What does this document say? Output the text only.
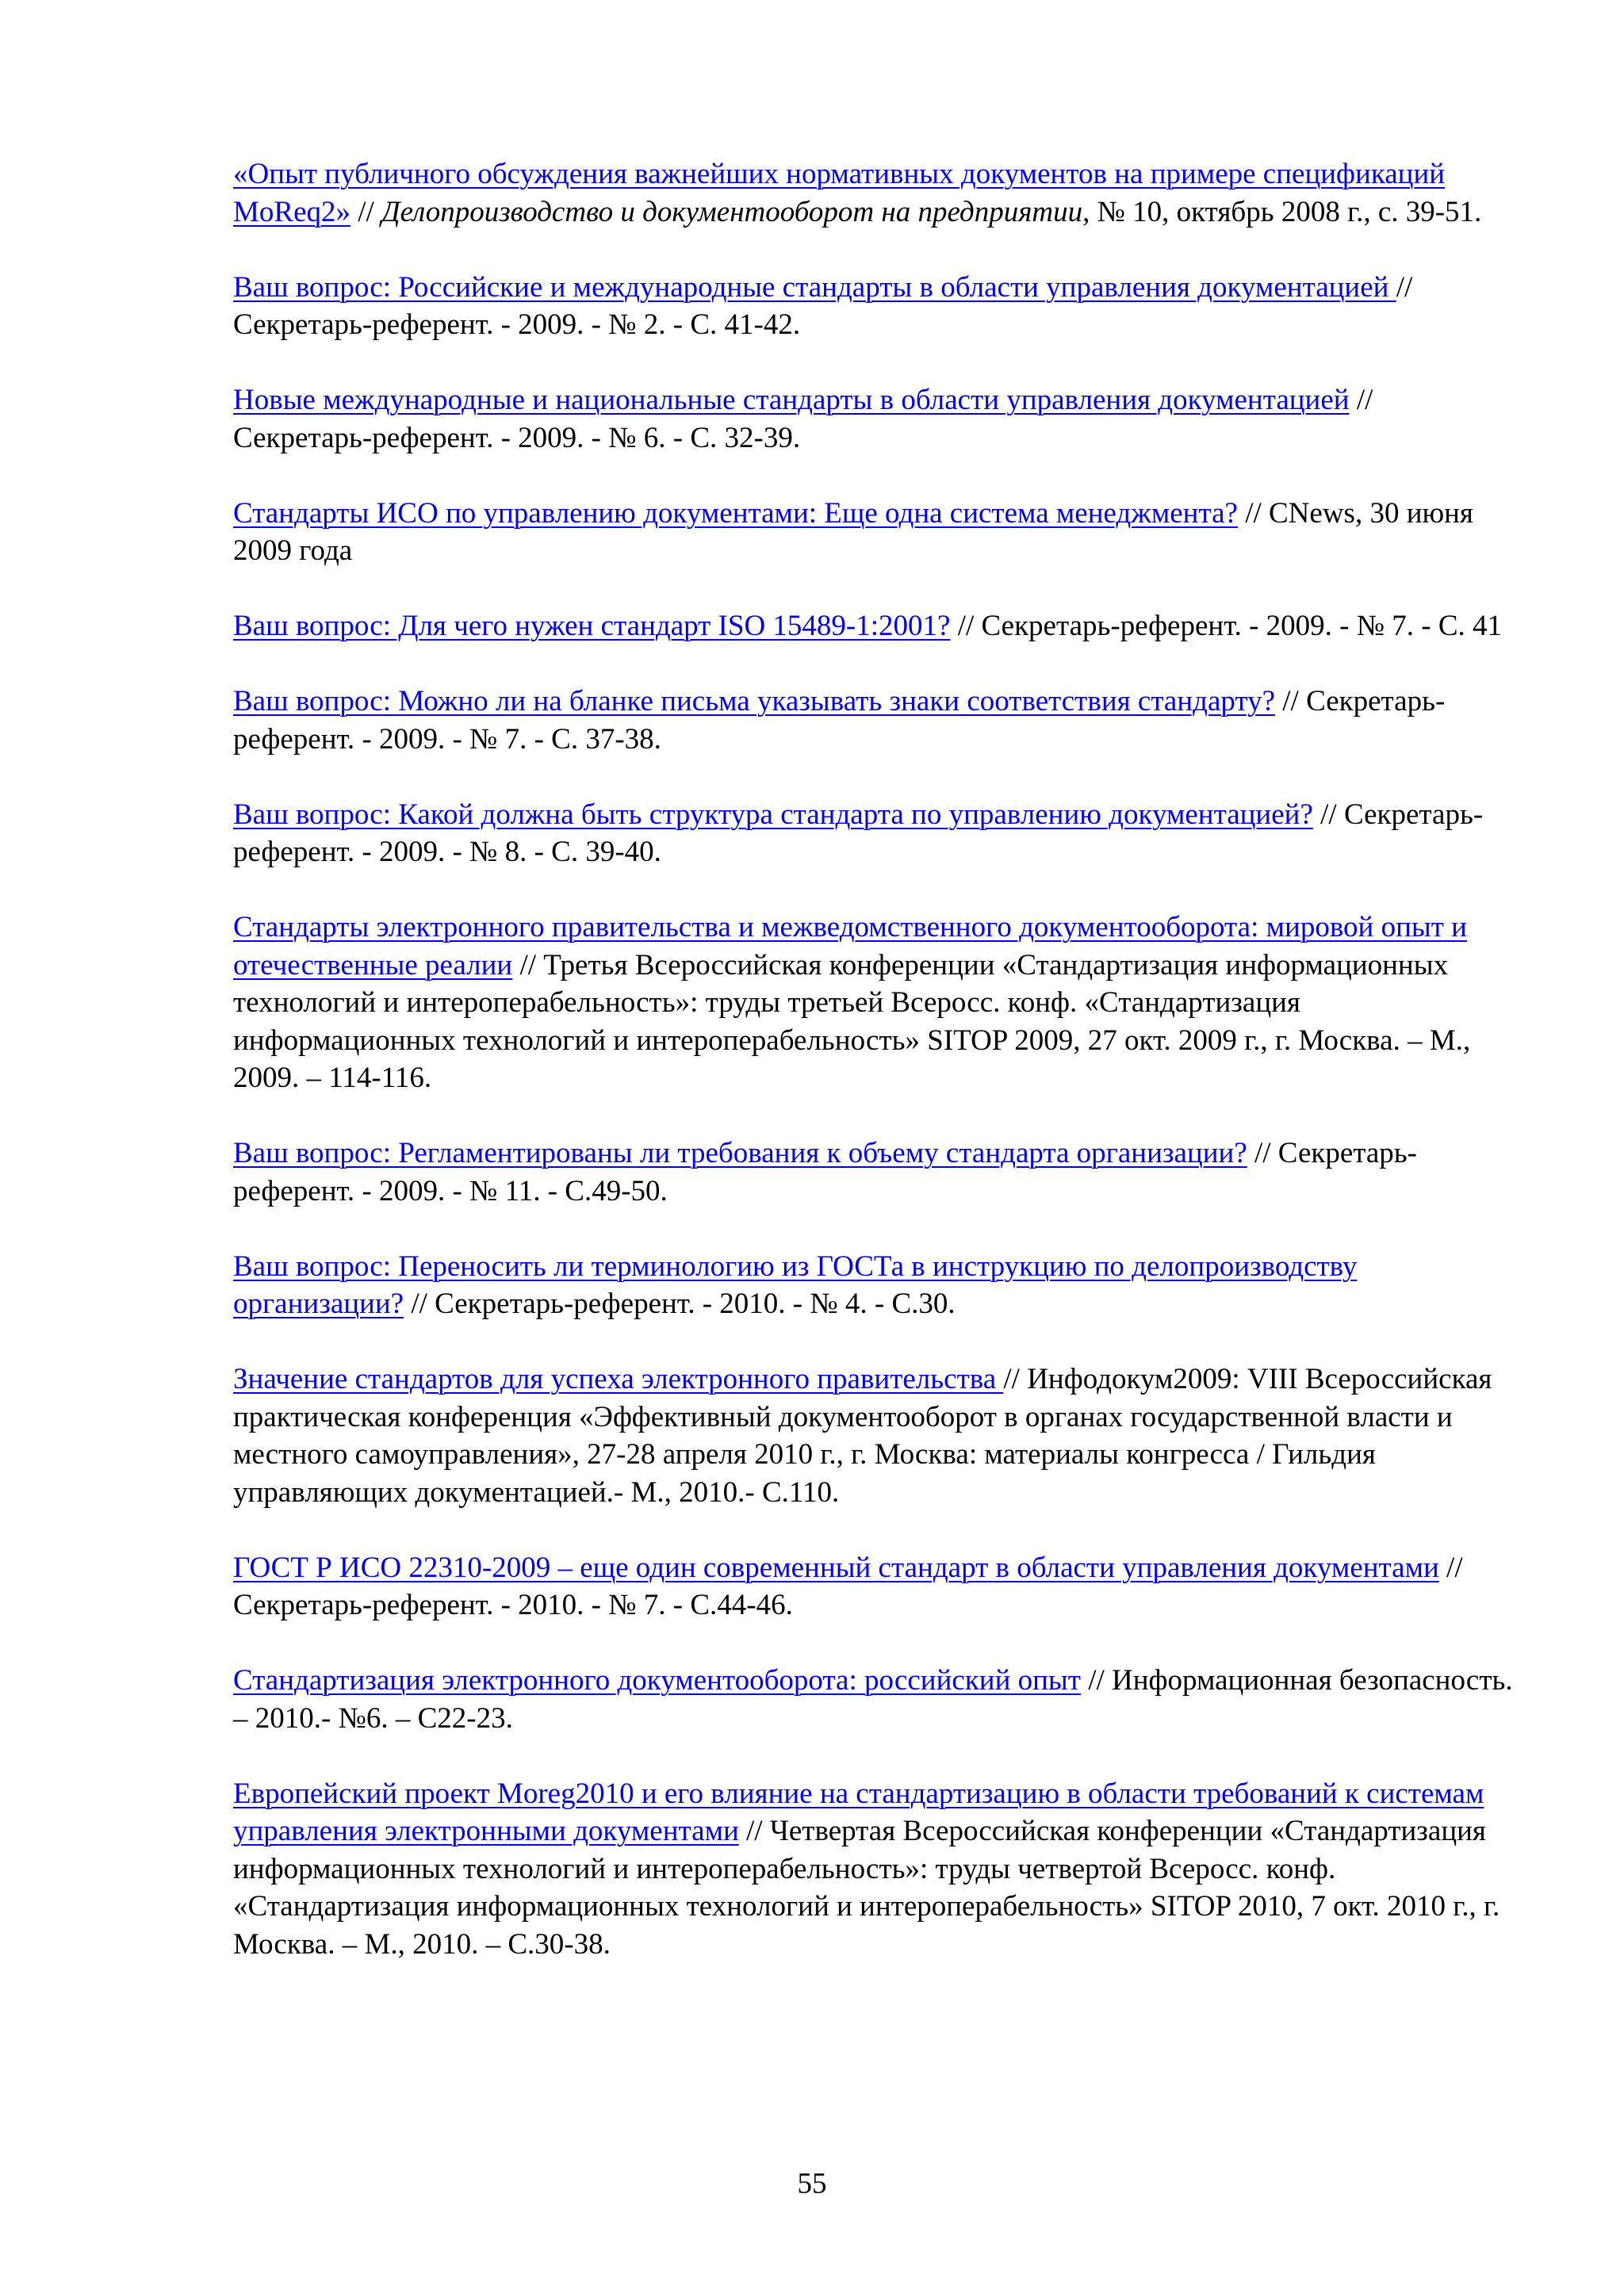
«Опыт публичного обсуждения важнейших нормативных документов на примере спецификаций MoReq2» // Делопроизводство и документооборот на предприятии, № 10, октябрь 2008 г., с. 39-51.

Ваш вопрос: Российские и международные стандарты в области управления документацией // Секретарь-референт. - 2009. - № 2. - С. 41-42.

Новые международные и национальные стандарты в области управления документацией // Секретарь-референт. - 2009. - № 6. - С. 32-39.

Стандарты ИСО по управлению документами: Еще одна система менеджмента? // CNews, 30 июня 2009 года

Ваш вопрос: Для чего нужен стандарт ISO 15489-1:2001? // Секретарь-референт. - 2009. - № 7. - С. 41

Ваш вопрос: Можно ли на бланке письма указывать знаки соответствия стандарту? // Секретарь-референт. - 2009. - № 7. - С. 37-38.

Ваш вопрос: Какой должна быть структура стандарта по управлению документацией? // Секретарь-референт. - 2009. - № 8. - С. 39-40.

Стандарты электронного правительства и межведомственного документооборота: мировой опыт и отечественные реалии // Третья Всероссийская конференции «Стандартизация информационных технологий и интероперабельность»: труды третьей Всеросс. конф. «Стандартизация информационных технологий и интероперабельность» SITOP 2009, 27 окт. 2009 г., г. Москва. – М., 2009. – 114-116.

Ваш вопрос: Регламентированы ли требования к объему стандарта организации? // Секретарь-референт. - 2009. - № 11. - С.49-50.

Ваш вопрос: Переносить ли терминологию из ГОСТа в инструкцию по делопроизводству организации? // Секретарь-референт. - 2010. - № 4. - С.30.

Значение стандартов для успеха электронного правительства // Инфодокум2009: VIII Всероссийская практическая конференция «Эффективный документооборот в органах государственной власти и местного самоуправления», 27-28 апреля 2010 г., г. Москва: материалы конгресса / Гильдия управляющих документацией.- М., 2010.- С.110.

ГОСТ Р ИСО 22310-2009 – еще один современный стандарт в области управления документами // Секретарь-референт. - 2010. - № 7. - С.44-46.

Стандартизация электронного документооборота: российский опыт // Информационная безопасность. – 2010.- №6. – С22-23.

Европейский проект Moreg2010 и его влияние на стандартизацию в области требований к системам управления электронными документами // Четвертая Всероссийская конференции «Стандартизация информационных технологий и интероперабельность»: труды четвертой Всеросс. конф. «Стандартизация информационных технологий и интероперабельность» SITOP 2010, 7 окт. 2010 г., г. Москва. – М., 2010. – С.30-38.

55
